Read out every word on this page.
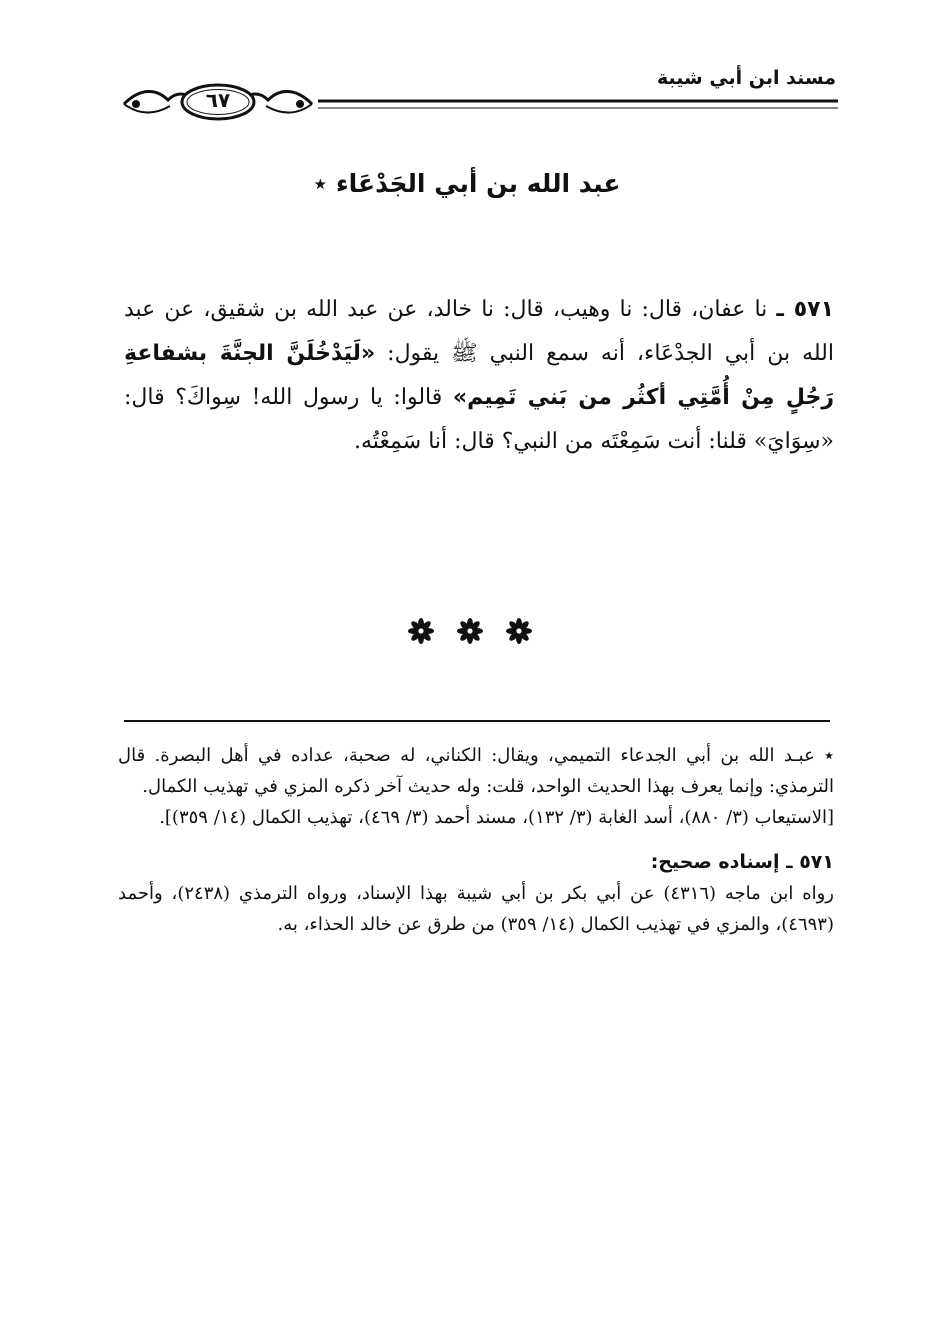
مسند ابن أبي شيبة
٦٧
عبد الله بن أبي الجَدْعَاء ٭

٥٧١ ـ نا عفان، قال: نا وهيب، قال: نا خالد، عن عبد الله بن شقيق، عن عبد الله بن أبي الجدْعَاء، أنه سمع النبي ﷺ يقول: «لَيَدْخُلَنَّ الجنَّةَ بشفاعةِ رَجُلٍ مِنْ أُمَّتِي أكثُر من بَني تَمِيم» قالوا: يا رسول الله! سِواكَ؟ قال: «سِوَايَ» قلنا: أنت سَمِعْتَه من النبي؟ قال: أنا سَمِعْتُه.

٭ عبـد الله بن أبي الجدعاء التميمي، ويقال: الكناني، له صحبة، عداده في أهل البصرة. قال الترمذي: وإنما يعرف بهذا الحديث الواحد، قلت: وله حديث آخر ذكره المزي في تهذيب الكمال.

[الاستيعاب (٣/ ٨٨٠)، أسد الغابة (٣/ ١٣٢)، مسند أحمد (٣/ ٤٦٩)، تهذيب الكمال (١٤/ ٣٥٩)].

٥٧١ ـ إسناده صحيح:

رواه ابن ماجه (٤٣١٦) عن أبي بكر بن أبي شيبة بهذا الإسناد، ورواه الترمذي (٢٤٣٨)، وأحمد (٤٦٩٣)، والمزي في تهذيب الكمال (١٤/ ٣٥٩) من طرق عن خالد الحذاء، به.
